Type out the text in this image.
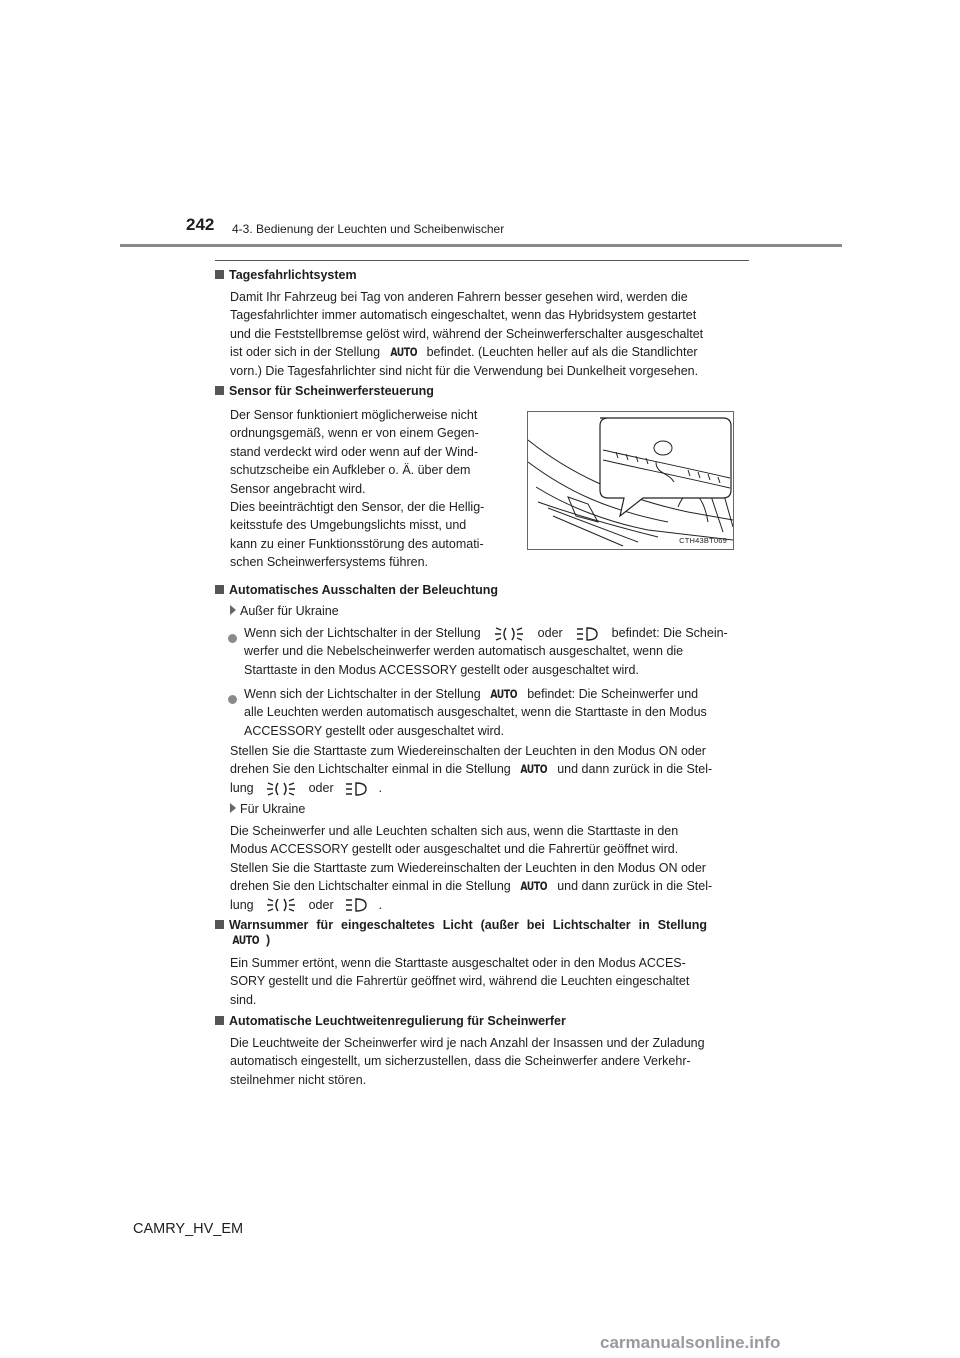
242 4-3. Bedienung der Leuchten und Scheibenwischer
Tagesfahrlichtsystem
Damit Ihr Fahrzeug bei Tag von anderen Fahrern besser gesehen wird, werden die
Tagesfahrlichter immer automatisch eingeschaltet, wenn das Hybridsystem gestartet
und die Feststellbremse gelöst wird, während der Scheinwerferschalter ausgeschaltet
ist oder sich in der Stellung AUTO befindet. (Leuchten heller auf als die Standlichter
vorn.) Die Tagesfahrlichter sind nicht für die Verwendung bei Dunkelheit vorgesehen.
Sensor für Scheinwerfersteuerung
Der Sensor funktioniert möglicherweise nicht
ordnungsgemäß, wenn er von einem Gegen-
stand verdeckt wird oder wenn auf der Wind-
schutzscheibe ein Aufkleber o. Ä. über dem
Sensor angebracht wird.
Dies beeinträchtigt den Sensor, der die Hellig-
keitsstufe des Umgebungslichts misst, und
kann zu einer Funktionsstörung des automati-
schen Scheinwerfersystems führen.
CTH43BT069
Automatisches Ausschalten der Beleuchtung
Außer für Ukraine
Wenn sich der Lichtschalter in der Stellung	oder	befindet: Die Schein-
werfer und die Nebelscheinwerfer werden automatisch ausgeschaltet, wenn die
Starttaste in den Modus ACCESSORY gestellt oder ausgeschaltet wird.
Wenn sich der Lichtschalter in der Stellung AUTO befindet: Die Scheinwerfer und
alle Leuchten werden automatisch ausgeschaltet, wenn die Starttaste in den Modus
ACCESSORY gestellt oder ausgeschaltet wird.
Stellen Sie die Starttaste zum Wiedereinschalten der Leuchten in den Modus ON oder
drehen Sie den Lichtschalter einmal in die Stellung AUTO und dann zurück in die Stel-
lung	oder	.
Für Ukraine
Die Scheinwerfer und alle Leuchten schalten sich aus, wenn die Starttaste in den
Modus ACCESSORY gestellt oder ausgeschaltet und die Fahrertür geöffnet wird.
Stellen Sie die Starttaste zum Wiedereinschalten der Leuchten in den Modus ON oder
drehen Sie den Lichtschalter einmal in die Stellung AUTO und dann zurück in die Stel-
lung	oder	.
Warnsummer für eingeschaltetes Licht (außer bei Lichtschalter in Stellung
AUTO )
Ein Summer ertönt, wenn die Starttaste ausgeschaltet oder in den Modus ACCES-
SORY gestellt und die Fahrertür geöffnet wird, während die Leuchten eingeschaltet
sind.
Automatische Leuchtweitenregulierung für Scheinwerfer
Die Leuchtweite der Scheinwerfer wird je nach Anzahl der Insassen und der Zuladung
automatisch eingestellt, um sicherzustellen, dass die Scheinwerfer andere Verkehr-
steilnehmer nicht stören.
CAMRY_HV_EM
carmanualsonline.info
